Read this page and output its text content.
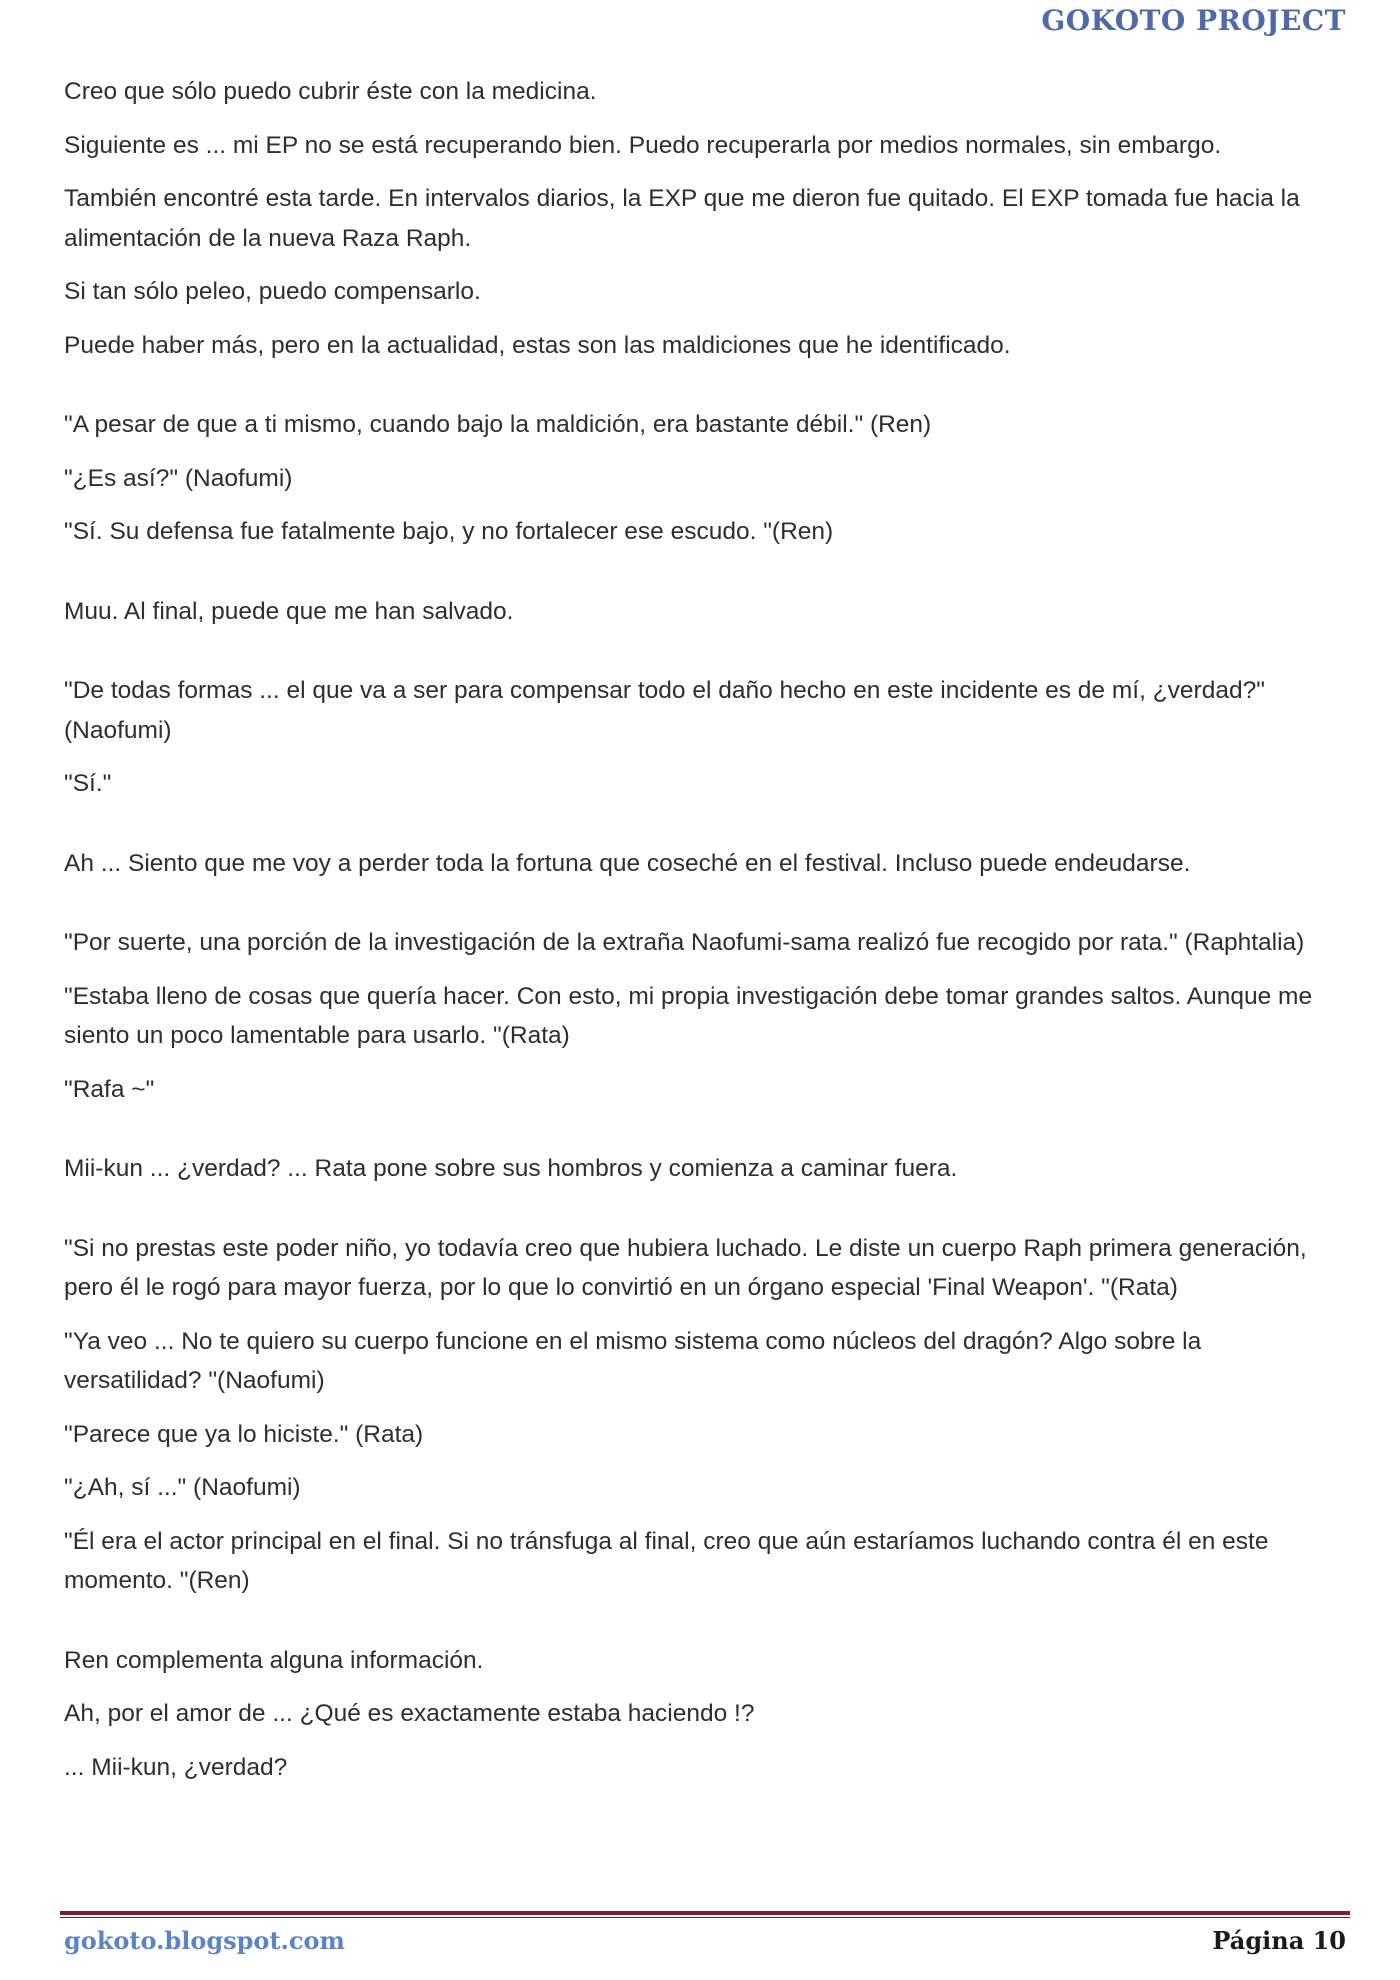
GOKOTO PROJECT

Creo que sólo puedo cubrir éste con la medicina.

Siguiente es ... mi EP no se está recuperando bien. Puedo recuperarla por medios normales, sin embargo.

También encontré esta tarde. En intervalos diarios, la EXP que me dieron fue quitado. El EXP tomada fue hacia la alimentación de la nueva Raza Raph.

Si tan sólo peleo, puedo compensarlo.

Puede haber más, pero en la actualidad, estas son las maldiciones que he identificado.

"A pesar de que a ti mismo, cuando bajo la maldición, era bastante débil." (Ren)

"¿Es así?" (Naofumi)

"Sí. Su defensa fue fatalmente bajo, y no fortalecer ese escudo. "(Ren)

Muu. Al final, puede que me han salvado.

"De todas formas ... el que va a ser para compensar todo el daño hecho en este incidente es de mí, ¿verdad?" (Naofumi)

"Sí."

Ah ... Siento que me voy a perder toda la fortuna que coseché en el festival. Incluso puede endeudarse.

"Por suerte, una porción de la investigación de la extraña Naofumi-sama realizó fue recogido por rata." (Raphtalia)

"Estaba lleno de cosas que quería hacer. Con esto, mi propia investigación debe tomar grandes saltos. Aunque me siento un poco lamentable para usarlo. "(Rata)

"Rafa ~"

Mii-kun ... ¿verdad? ... Rata pone sobre sus hombros y comienza a caminar fuera.

"Si no prestas este poder niño, yo todavía creo que hubiera luchado. Le diste un cuerpo Raph primera generación, pero él le rogó para mayor fuerza, por lo que lo convirtió en un órgano especial 'Final Weapon'. "(Rata)

"Ya veo ... No te quiero su cuerpo funcione en el mismo sistema como núcleos del dragón? Algo sobre la versatilidad? "(Naofumi)

"Parece que ya lo hiciste." (Rata)

"¿Ah, sí ..." (Naofumi)

"Él era el actor principal en el final. Si no tránsfuga al final, creo que aún estaríamos luchando contra él en este momento. "(Ren)

Ren complementa alguna información.

Ah, por el amor de ... ¿Qué es exactamente estaba haciendo !?

... Mii-kun, ¿verdad?

gokoto.blogspot.com	Página 10
